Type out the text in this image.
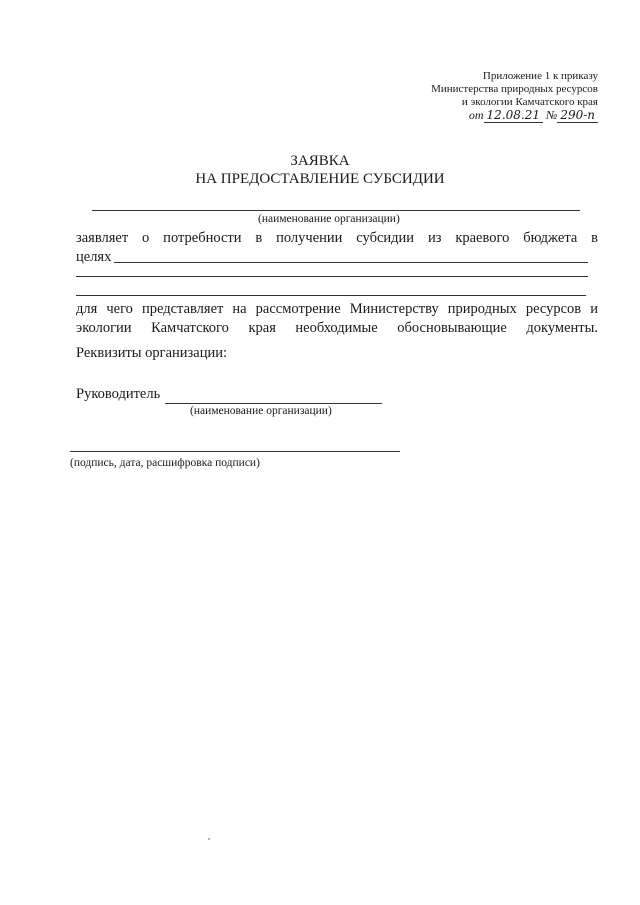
Приложение 1 к приказу
Министерства природных ресурсов
и экологии Камчатского края
от 12.08.21 № 290-п
ЗАЯВКА
НА ПРЕДОСТАВЛЕНИЕ СУБСИДИИ
(наименование организации)
заявляет о потребности в получении субсидии из краевого бюджета в
целях
для чего представляет на рассмотрение Министерству природных ресурсов и
экологии Камчатского края необходимые обосновывающие документы.
Реквизиты организации:
Руководитель
(наименование организации)
(подпись, дата, расшифровка подписи)
